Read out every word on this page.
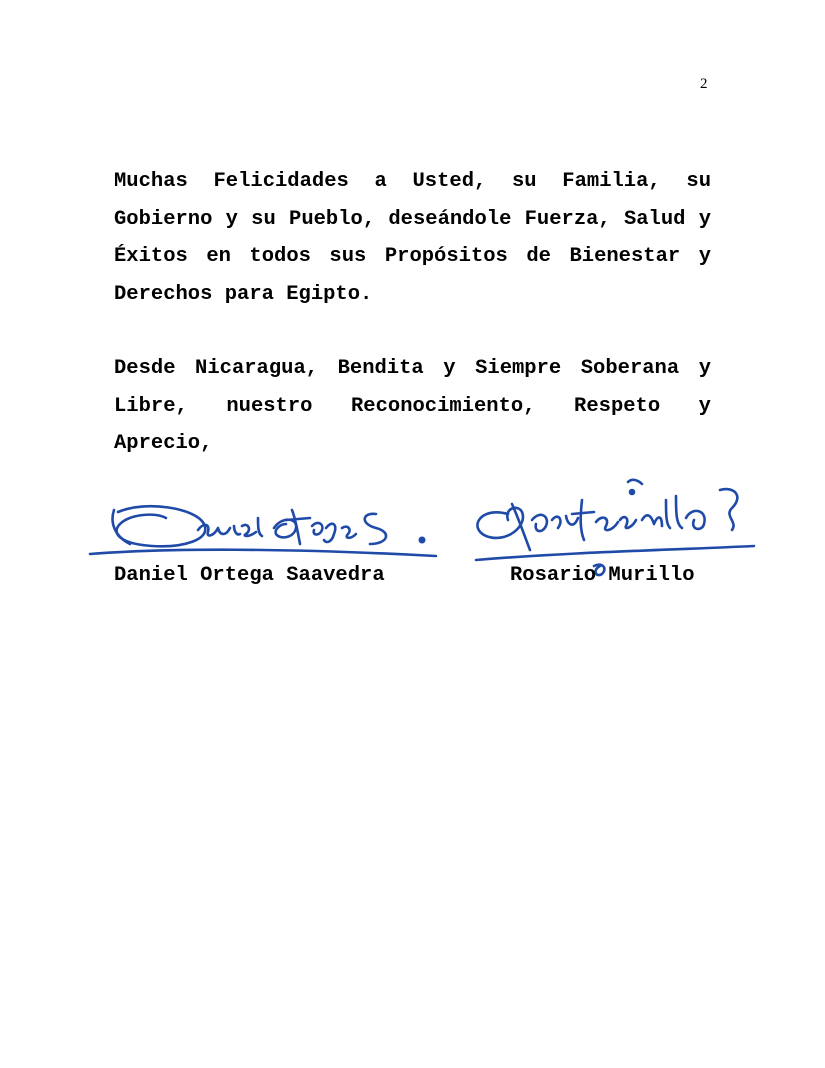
2

Muchas Felicidades a Usted, su Familia, su Gobierno y su Pueblo, deseándole Fuerza, Salud y Éxitos en todos sus Propósitos de Bienestar y Derechos para Egipto.

Desde Nicaragua, Bendita y Siempre Soberana y Libre, nuestro Reconocimiento, Respeto y Aprecio,

Daniel Ortega Saavedra	Rosario Murillo
